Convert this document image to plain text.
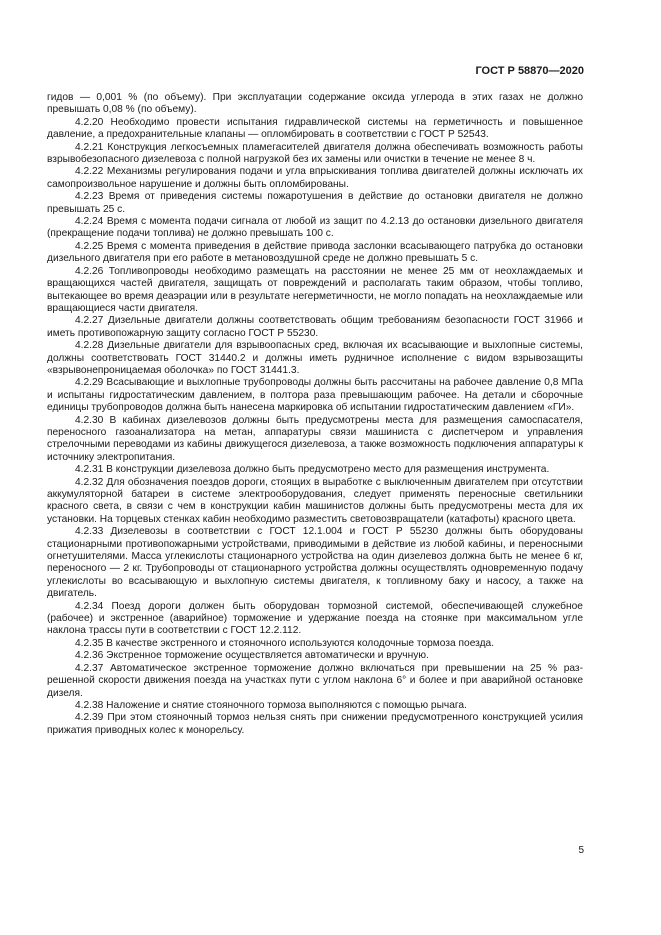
ГОСТ Р 58870—2020

гидов — 0,001 % (по объему). При эксплуатации содержание оксида углерода в этих газах не должно превышать 0,08 % (по объему).

4.2.20 Необходимо провести испытания гидравлической системы на герметичность и повышенное давление, а предохранительные клапаны — опломбировать в соответствии с ГОСТ Р 52543.

4.2.21 Конструкция легкосъемных пламегасителей двигателя должна обеспечивать возможность работы взрывобезопасного дизелевоза с полной нагрузкой без их замены или очистки в течение не менее 8 ч.

4.2.22 Механизмы регулирования подачи и угла впрыскивания топлива двигателей должны исключать их самопроизвольное нарушение и должны быть опломбированы.

4.2.23 Время от приведения системы пожаротушения в действие до остановки двигателя не должно превышать 25 с.

4.2.24 Время с момента подачи сигнала от любой из защит по 4.2.13 до остановки дизельного двигателя (прекращение подачи топлива) не должно превышать 100 с.

4.2.25 Время с момента приведения в действие привода заслонки всасывающего патрубка до остановки дизельного двигателя при его работе в метановоздушной среде не должно превышать 5 с.

4.2.26 Топливопроводы необходимо размещать на расстоянии не менее 25 мм от неохлаждаемых и вращающихся частей двигателя, защищать от повреждений и располагать таким образом, чтобы топливо, вытекающее во время деаэрации или в результате негерметичности, не могло попадать на неохлаждаемые или вращающиеся части двигателя.

4.2.27 Дизельные двигатели должны соответствовать общим требованиям безопасности ГОСТ 31966 и иметь противопожарную защиту согласно ГОСТ Р 55230.

4.2.28 Дизельные двигатели для взрывоопасных сред, включая их всасывающие и выхлопные системы, должны соответствовать ГОСТ 31440.2 и должны иметь рудничное исполнение с видом взрывозащиты «взрывонепроницаемая оболочка» по ГОСТ 31441.3.

4.2.29 Всасывающие и выхлопные трубопроводы должны быть рассчитаны на рабочее давление 0,8 МПа и испытаны гидростатическим давлением, в полтора раза превышающим рабочее. На детали и сборочные единицы трубопроводов должна быть нанесена маркировка об испытании гидростатическим давлением «ГИ».

4.2.30 В кабинах дизелевозов должны быть предусмотрены места для размещения самоспасателя, переносного газоанализатора на метан, аппаратуры связи машиниста с диспетчером и управления стрелочными переводами из кабины движущегося дизелевоза, а также возможность подключения аппаратуры к источнику электропитания.

4.2.31 В конструкции дизелевоза должно быть предусмотрено место для размещения инструмента.

4.2.32 Для обозначения поездов дороги, стоящих в выработке с выключенным двигателем при отсутствии аккумуляторной батареи в системе электрооборудования, следует применять переносные светильники красного света, в связи с чем в конструкции кабин машинистов должны быть предусмотрены места для их установки. На торцевых стенках кабин необходимо разместить световозвращатели (катафоты) красного цвета.

4.2.33 Дизелевозы в соответствии с ГОСТ 12.1.004 и ГОСТ Р 55230 должны быть оборудованы стационарными противопожарными устройствами, приводимыми в действие из любой кабины, и переносными огнетушителями. Масса углекислоты стационарного устройства на один дизелевоз должна быть не менее 6 кг, переносного — 2 кг. Трубопроводы от стационарного устройства должны осуществлять одновременную подачу углекислоты во всасывающую и выхлопную системы двигателя, к топливному баку и насосу, а также на двигатель.

4.2.34 Поезд дороги должен быть оборудован тормозной системой, обеспечивающей служебное (рабочее) и экстренное (аварийное) торможение и удержание поезда на стоянке при максимальном угле наклона трассы пути в соответствии с ГОСТ 12.2.112.

4.2.35 В качестве экстренного и стояночного используются колодочные тормоза поезда.

4.2.36 Экстренное торможение осуществляется автоматически и вручную.

4.2.37 Автоматическое экстренное торможение должно включаться при превышении на 25 % разрешенной скорости движения поезда на участках пути с углом наклона 6° и более и при аварийной остановке дизеля.

4.2.38 Наложение и снятие стояночного тормоза выполняются с помощью рычага.

4.2.39 При этом стояночный тормоз нельзя снять при снижении предусмотренного конструкцией усилия прижатия приводных колес к монорельсу.

5
